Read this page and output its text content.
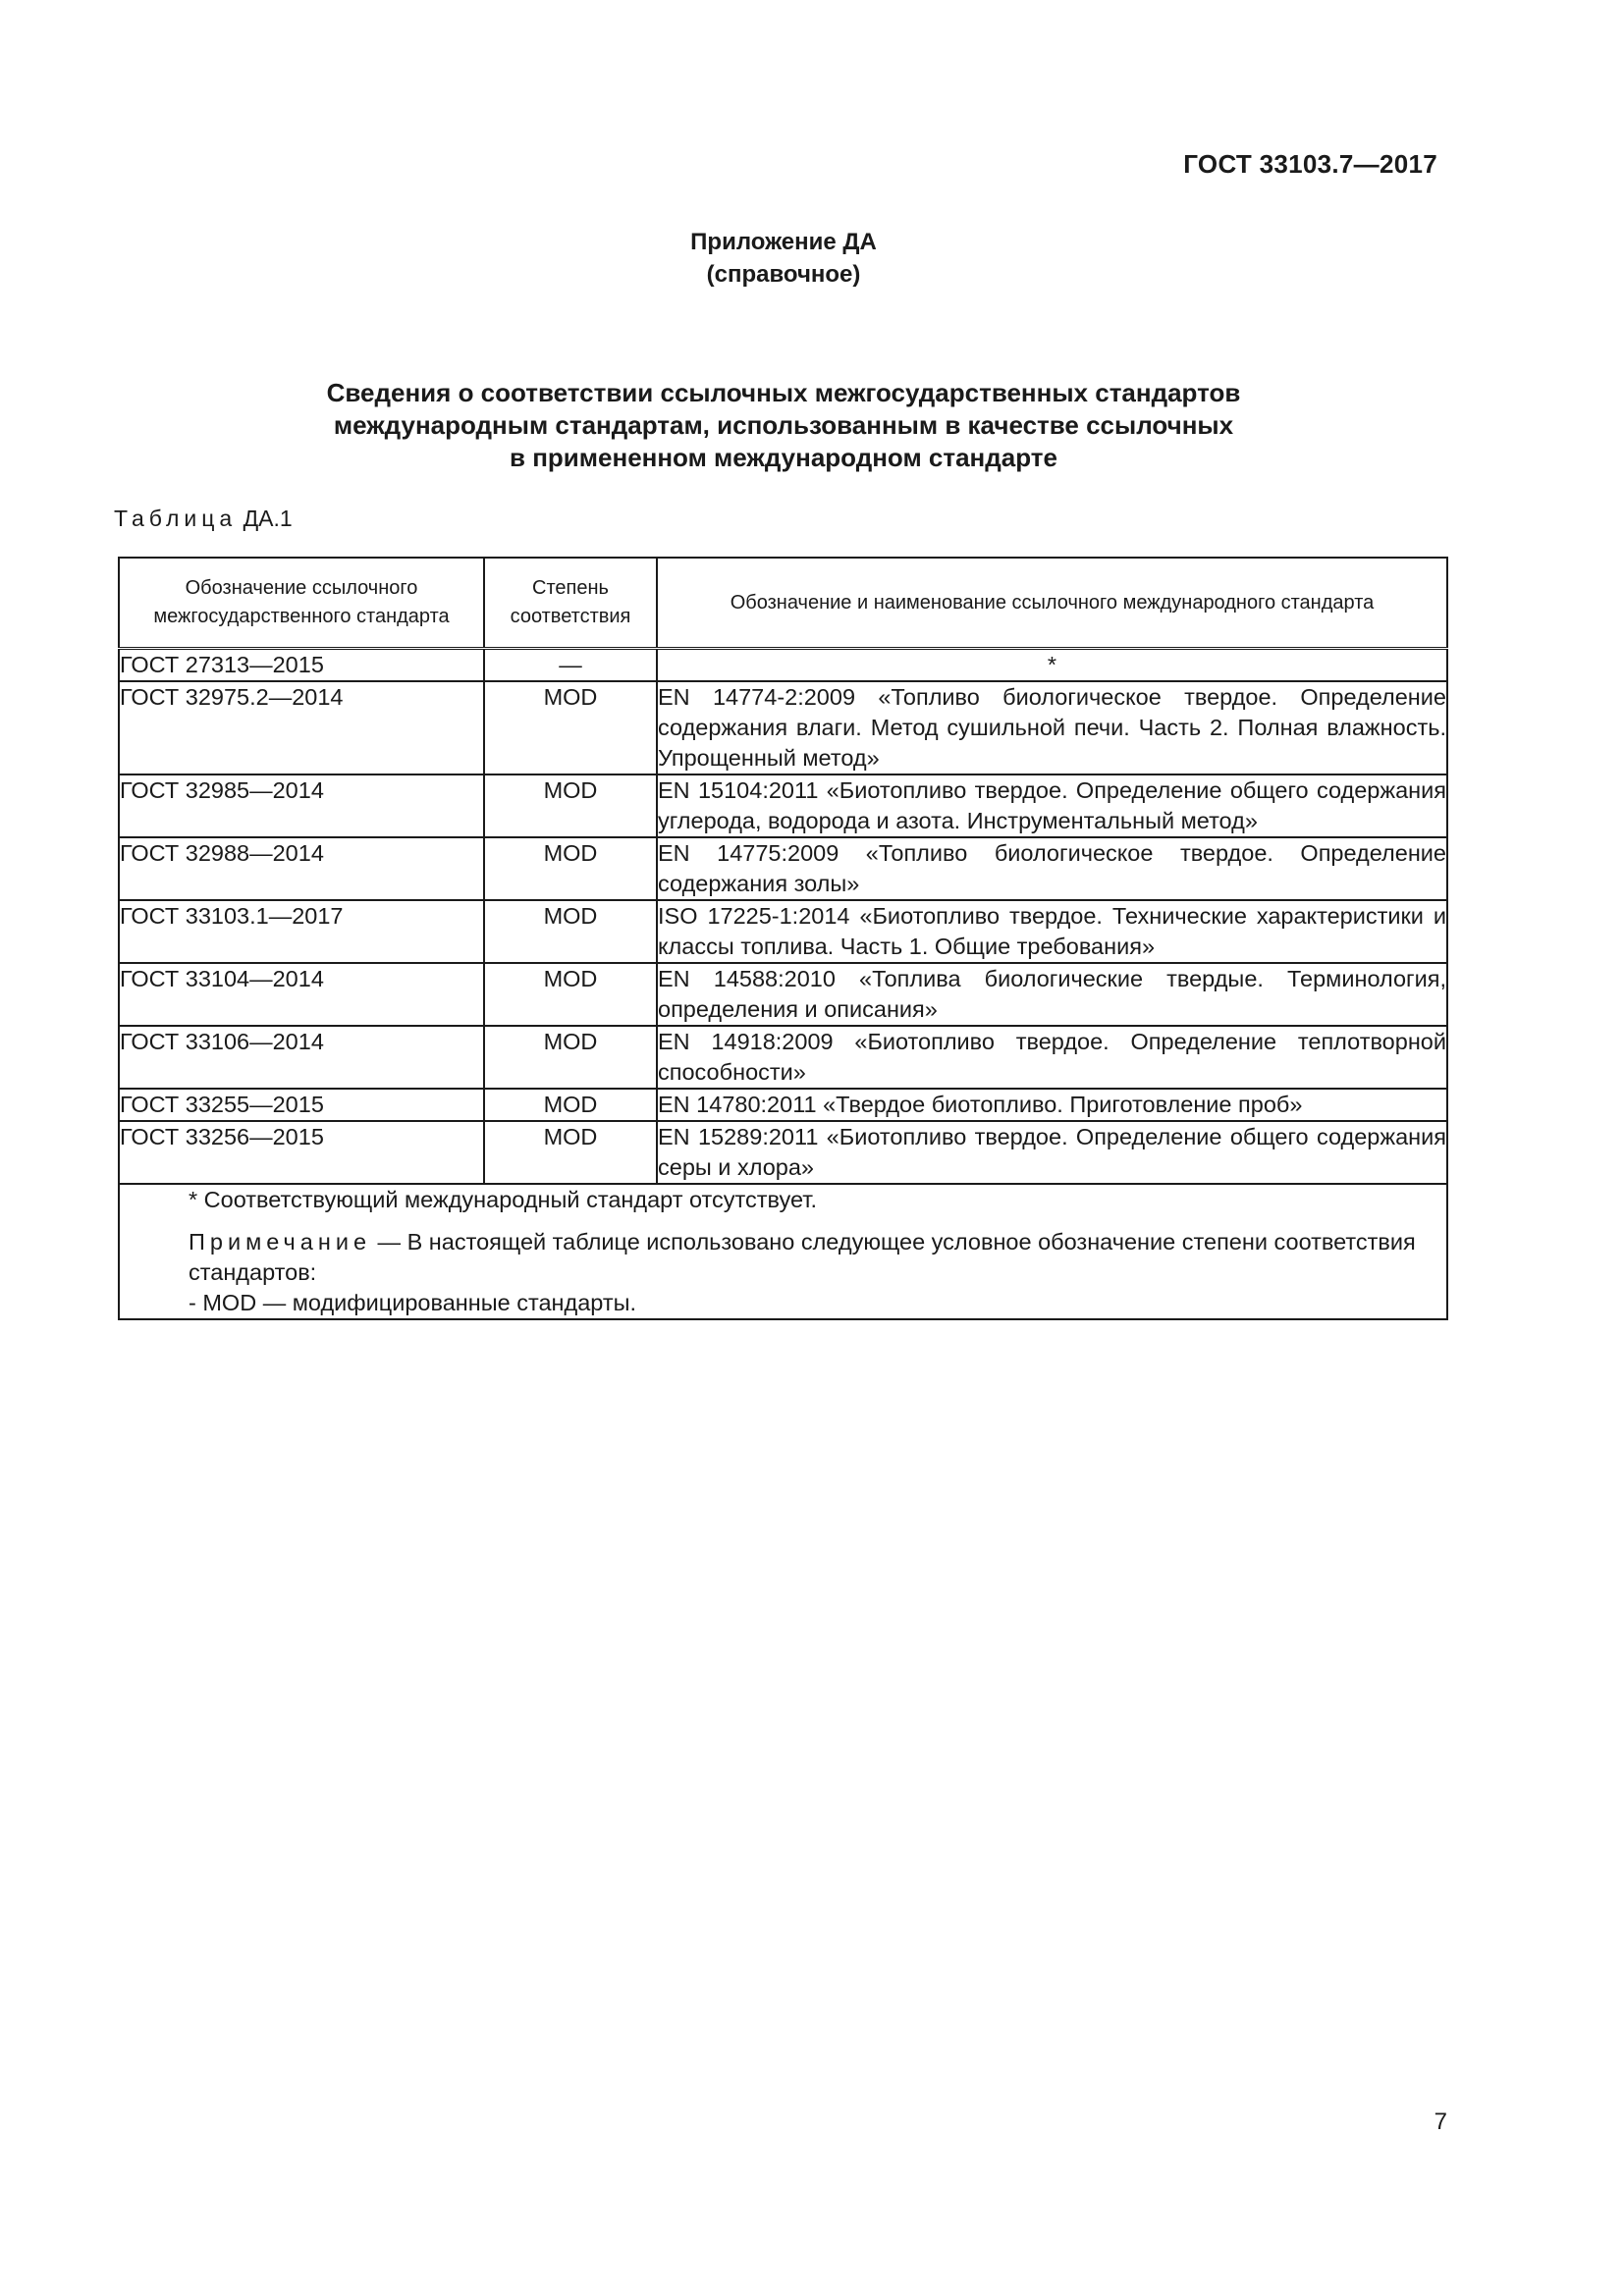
ГОСТ 33103.7—2017
Приложение ДА
(справочное)
Сведения о соответствии ссылочных межгосударственных стандартов
международным стандартам, использованным в качестве ссылочных
в примененном международном стандарте
Таблица ДА.1
Обозначение ссылочного межгосударственного стандарта	Степень соответствия	Обозначение и наименование ссылочного международного стандарта
ГОСТ 27313—2015	—	*
ГОСТ 32975.2—2014	MOD	EN 14774-2:2009 «Топливо биологическое твердое. Определение содержания влаги. Метод сушильной печи. Часть 2. Полная влажность. Упрощенный метод»
ГОСТ 32985—2014	MOD	EN 15104:2011 «Биотопливо твердое. Определение общего содержания углерода, водорода и азота. Инструментальный метод»
ГОСТ 32988—2014	MOD	EN 14775:2009 «Топливо биологическое твердое. Определение содержания золы»
ГОСТ 33103.1—2017	MOD	ISO 17225-1:2014 «Биотопливо твердое. Технические характеристики и классы топлива. Часть 1. Общие требования»
ГОСТ 33104—2014	MOD	EN 14588:2010 «Топлива биологические твердые. Терминология, определения и описания»
ГОСТ 33106—2014	MOD	EN 14918:2009 «Биотопливо твердое. Определение теплотворной способности»
ГОСТ 33255—2015	MOD	EN 14780:2011 «Твердое биотопливо. Приготовление проб»
ГОСТ 33256—2015	MOD	EN 15289:2011 «Биотопливо твердое. Определение общего содержания серы и хлора»

* Соответствующий международный стандарт отсутствует.

Примечание — В настоящей таблице использовано следующее условное обозначение степени соответствия стандартов:

- MOD — модифицированные стандарты.		

7
